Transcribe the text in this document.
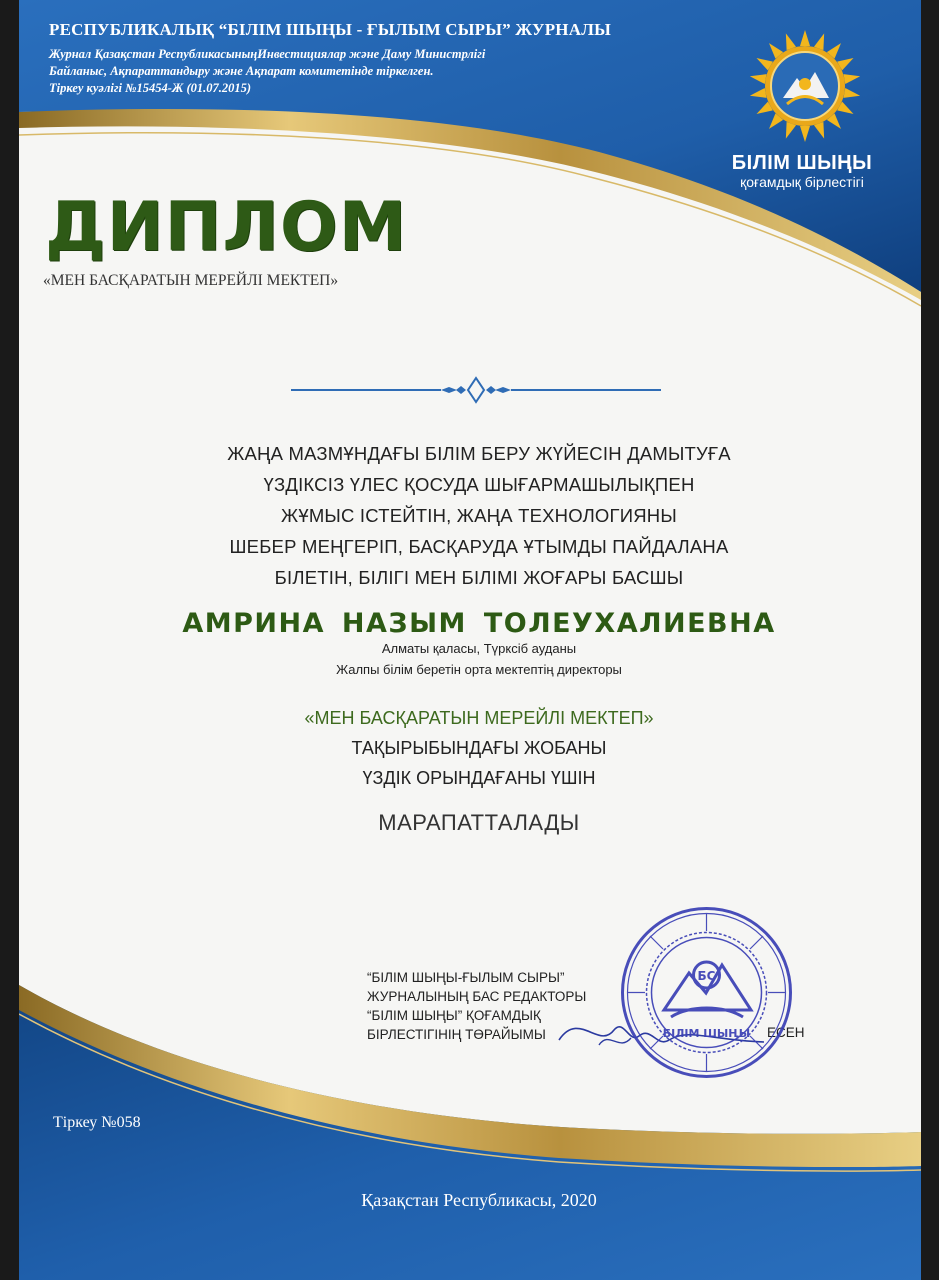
РЕСПУБЛИКАЛЫҚ “БІЛІМ ШЫҢЫ - ҒЫЛЫМ СЫРЫ” ЖУРНАЛЫ
Журнал Қазақстан РеспубликасыныңИнвестициялар және Даму Министрлігі
Байланыс, Ақпараттандыру және Ақпарат комитетінде тіркелген.
Тіркеу куәлігі №15454-Ж (01.07.2015)
БІЛІМ ШЫҢЫ
қоғамдық бірлестігі
ДИПЛОМ
«МЕН БАСҚАРАТЫН МЕРЕЙЛІ МЕКТЕП»
ЖАҢА МАЗМҰНДАҒЫ БІЛІМ БЕРУ ЖҮЙЕСІН ДАМЫТУҒА
ҮЗДІКСІЗ ҮЛЕС ҚОСУДА ШЫҒАРМАШЫЛЫҚПЕН
ЖҰМЫС ІСТЕЙТІН, ЖАҢА ТЕХНОЛОГИЯНЫ
ШЕБЕР МЕҢГЕРІП, БАСҚАРУДА ҰТЫМДЫ ПАЙДАЛАНА
БІЛЕТІН, БІЛІГІ МЕН БІЛІМІ ЖОҒАРЫ БАСШЫ
АМРИНА НАЗЫМ ТОЛЕУХАЛИЕВНА
Алматы қаласы, Түрксіб ауданы
Жалпы білім беретін орта мектептің директоры
«МЕН БАСҚАРАТЫН МЕРЕЙЛІ МЕКТЕП»
ТАҚЫРЫБЫНДАҒЫ ЖОБАНЫ
ҮЗДІК ОРЫНДАҒАНЫ ҮШІН
МАРАПАТТАЛАДЫ
“БІЛІМ ШЫҢЫ-ҒЫЛЫМ СЫРЫ”
ЖУРНАЛЫНЫҢ БАС РЕДАКТОРЫ
“БІЛІМ ШЫҢЫ” ҚОҒАМДЫҚ
БІРЛЕСТІГІНІҢ ТӨРАЙЫМЫ	ЕСЕН
БС
БІЛІМ ШЫҢЫ
Тіркеу №058
Қазақстан Республикасы, 2020
